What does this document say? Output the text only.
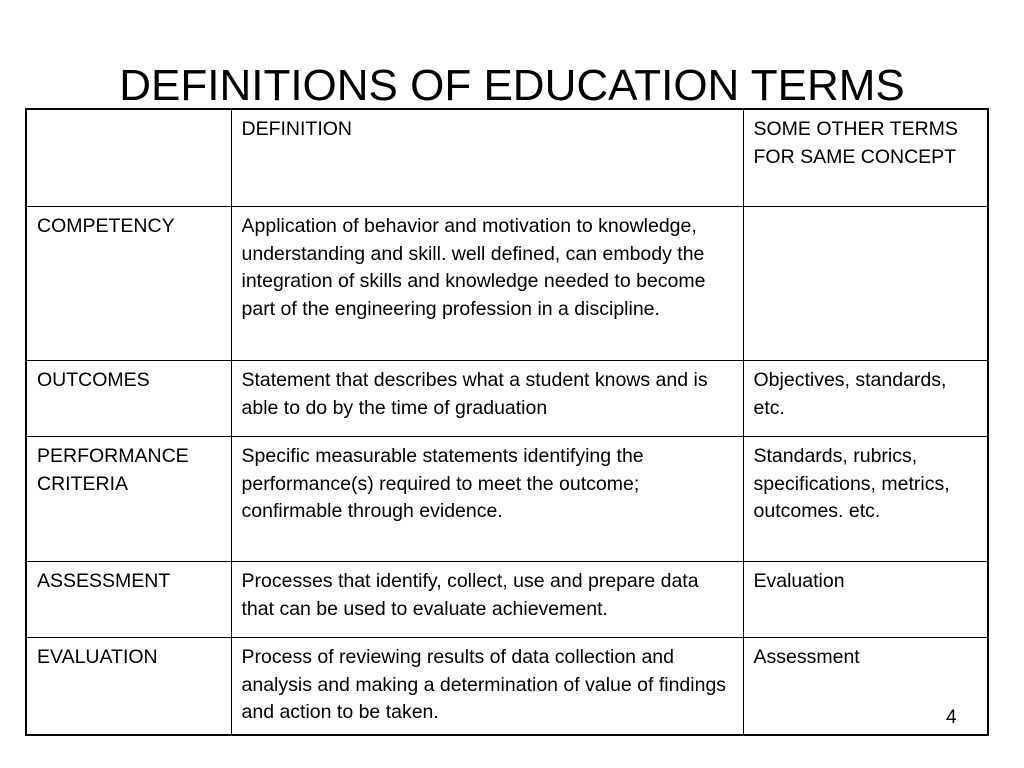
DEFINITIONS OF EDUCATION TERMS
	DEFINITION	SOME OTHER TERMS FOR SAME CONCEPT
COMPETENCY	Application of behavior and motivation to knowledge, understanding and skill. well defined, can embody the integration of skills and knowledge needed to become part of the engineering profession in a discipline.	
OUTCOMES	Statement that describes what a student knows and is able to do by the time of graduation	Objectives, standards, etc.
PERFORMANCE CRITERIA	Specific measurable statements identifying the performance(s) required to meet the outcome; confirmable through evidence.	Standards, rubrics, specifications, metrics, outcomes. etc.
ASSESSMENT	Processes that identify, collect, use and prepare data that can be used to evaluate achievement.	Evaluation
EVALUATION	Process of reviewing results of data collection and analysis and making a determination of value of findings and action to be taken.	Assessment
4
